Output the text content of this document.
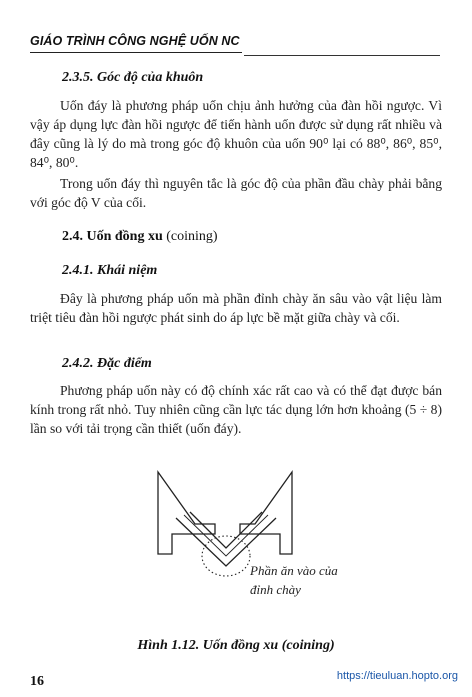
GIÁO TRÌNH CÔNG NGHỆ UỐN NC
2.3.5. Góc độ của khuôn
Uốn đáy là phương pháp uốn chịu ảnh hưởng của đàn hồi ngược. Vì vậy áp dụng lực đàn hồi ngược để tiến hành uốn được sử dụng rất nhiều và đây cũng là lý do mà trong góc độ khuôn của uốn 90⁰ lại có 88⁰, 86⁰, 85⁰, 84⁰, 80⁰.
Trong uốn đáy thì nguyên tắc là góc độ của phần đầu chày phải bằng với góc độ V của cối.
2.4. Uốn đồng xu (coining)
2.4.1. Khái niệm
Đây là phương pháp uốn mà phần đỉnh chày ăn sâu vào vật liệu làm triệt tiêu đàn hồi ngược phát sinh do áp lực bề mặt giữa chày và cối.
2.4.2. Đặc điểm
Phương pháp uốn này có độ chính xác rất cao và có thể đạt được bán kính trong rất nhỏ. Tuy nhiên cũng cần lực tác dụng lớn hơn khoảng (5 ÷ 8) lần so với tải trọng cần thiết (uốn đáy).
Phần ăn vào của
đỉnh chày
Hình 1.12. Uốn đồng xu (coining)
16	https://tieuluan.hopto.org
